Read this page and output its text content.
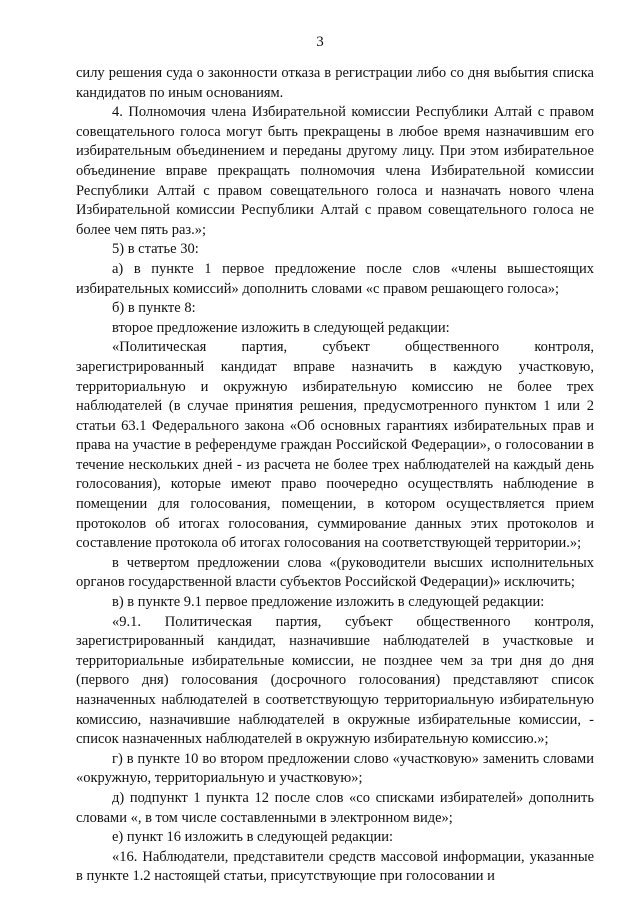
3

силу решения суда о законности отказа в регистрации либо со дня выбытия списка кандидатов по иным основаниям.

4. Полномочия члена Избирательной комиссии Республики Алтай с правом совещательного голоса могут быть прекращены в любое время назначившим его избирательным объединением и переданы другому лицу. При этом избирательное объединение вправе прекращать полномочия члена Избирательной комиссии Республики Алтай с правом совещательного голоса и назначать нового члена Избирательной комиссии Республики Алтай с правом совещательного голоса не более чем пять раз.»;

5) в статье 30:

а) в пункте 1 первое предложение после слов «члены вышестоящих избирательных комиссий» дополнить словами «с правом решающего голоса»;

б) в пункте 8:

второе предложение изложить в следующей редакции:

«Политическая партия, субъект общественного контроля, зарегистрированный кандидат вправе назначить в каждую участковую, территориальную и окружную избирательную комиссию не более трех наблюдателей (в случае принятия решения, предусмотренного пунктом 1 или 2 статьи 63.1 Федерального закона «Об основных гарантиях избирательных прав и права на участие в референдуме граждан Российской Федерации», о голосовании в течение нескольких дней - из расчета не более трех наблюдателей на каждый день голосования), которые имеют право поочередно осуществлять наблюдение в помещении для голосования, помещении, в котором осуществляется прием протоколов об итогах голосования, суммирование данных этих протоколов и составление протокола об итогах голосования на соответствующей территории.»;

в четвертом предложении слова «(руководители высших исполнительных органов государственной власти субъектов Российской Федерации)» исключить;

в) в пункте 9.1 первое предложение изложить в следующей редакции:

«9.1. Политическая партия, субъект общественного контроля, зарегистрированный кандидат, назначившие наблюдателей в участковые и территориальные избирательные комиссии, не позднее чем за три дня до дня (первого дня) голосования (досрочного голосования) представляют список назначенных наблюдателей в соответствующую территориальную избирательную комиссию, назначившие наблюдателей в окружные избирательные комиссии, - список назначенных наблюдателей в окружную избирательную комиссию.»;

г) в пункте 10 во втором предложении слово «участковую» заменить словами «окружную, территориальную и участковую»;

д) подпункт 1 пункта 12 после слов «со списками избирателей» дополнить словами «, в том числе составленными в электронном виде»;

е) пункт 16 изложить в следующей редакции:

«16. Наблюдатели, представители средств массовой информации, указанные в пункте 1.2 настоящей статьи, присутствующие при голосовании и
